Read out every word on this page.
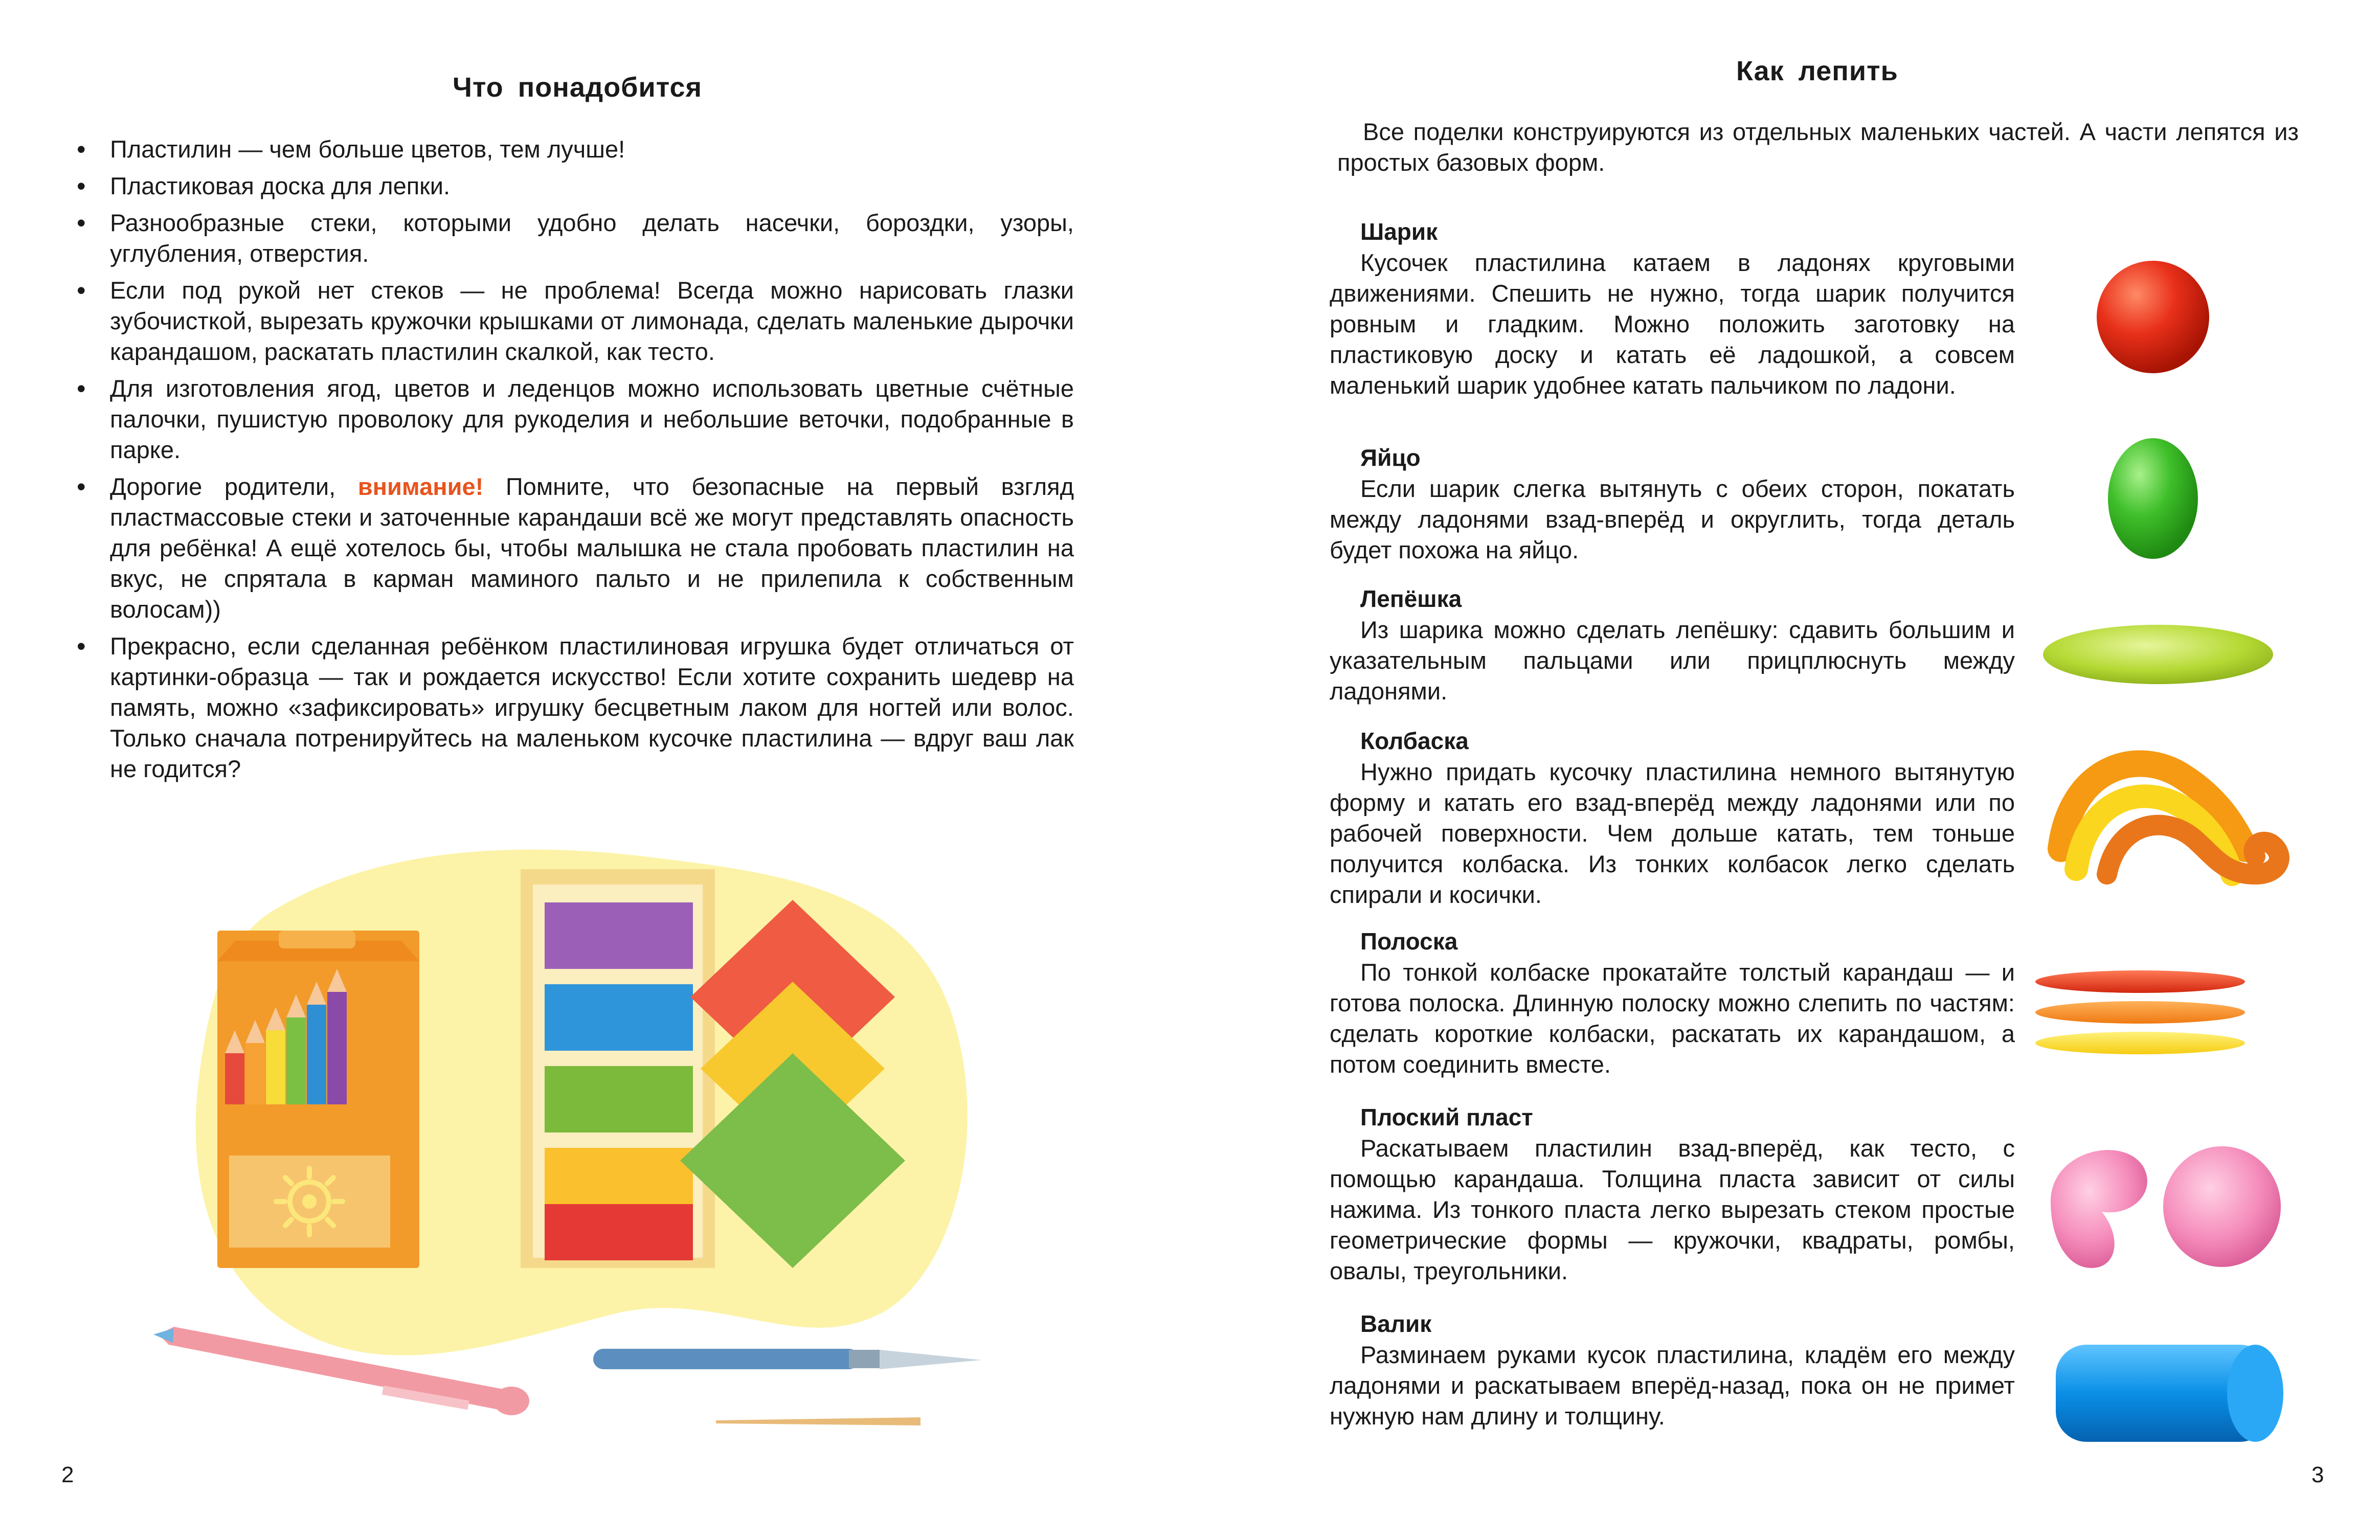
Что понадобится
• Пластилин — чем больше цветов, тем лучше!
• Пластиковая доска для лепки.
• Разнообразные стеки, которыми удобно делать насечки, бороздки, узоры, углубления, отверстия.
• Если под рукой нет стеков — не проблема! Всегда можно нарисовать глазки зубочисткой, вырезать кружочки крышками от лимонада, сделать маленькие дырочки карандашом, раскатать пластилин скалкой, как тесто.
• Для изготовления ягод, цветов и леденцов можно использовать цветные счётные палочки, пушистую проволоку для рукоделия и небольшие веточки, подобранные в парке.
• Дорогие родители, внимание! Помните, что безопасные на первый взгляд пластмассовые стеки и заточенные карандаши всё же могут представлять опасность для ребёнка! А ещё хотелось бы, чтобы малышка не стала пробовать пластилин на вкус, не спрятала в карман маминого пальто и не прилепила к собственным волосам))
• Прекрасно, если сделанная ребёнком пластилиновая игрушка будет отличаться от картинки-образца — так и рождается искусство! Если хотите сохранить шедевр на память, можно «зафиксировать» игрушку бесцветным лаком для ногтей или волос. Только сначала потренируйтесь на маленьком кусочке пластилина — вдруг ваш лак не годится?
2
Как лепить

Все поделки конструируются из отдельных маленьких частей. А части лепятся из простых базовых форм.

Шарик

Кусочек пластилина катаем в ладонях круговыми движениями. Спешить не нужно, тогда шарик получится ровным и гладким. Можно положить заготовку на пластиковую доску и катать её ладошкой, а совсем маленький шарик удобнее катать пальчиком по ладони.

Яйцо

Если шарик слегка вытянуть с обеих сторон, покатать между ладонями взад-вперёд и округлить, тогда деталь будет похожа на яйцо.

Лепёшка

Из шарика можно сделать лепёшку: сдавить большим и указательным пальцами или прицплюснуть между ладонями.

Колбаска

Нужно придать кусочку пластилина немного вытянутую форму и катать его взад-вперёд между ладонями или по рабочей поверхности. Чем дольше катать, тем тоньше получится колбаска. Из тонких колбасок легко сделать спирали и косички.

Полоска

По тонкой колбаске прокатайте толстый карандаш — и готова полоска. Длинную полоску можно слепить по частям: сделать короткие колбаски, раскатать их карандашом, а потом соединить вместе.

Плоский пласт

Раскатываем пластилин взад-вперёд, как тесто, с помощью карандаша. Толщина пласта зависит от силы нажима. Из тонкого пласта легко вырезать стеком простые геометрические формы — кружочки, квадраты, ромбы, овалы, треугольники.

Валик

Разминаем руками кусок пластилина, кладём его между ладонями и раскатываем вперёд-назад, пока он не примет нужную нам длину и толщину.

3
